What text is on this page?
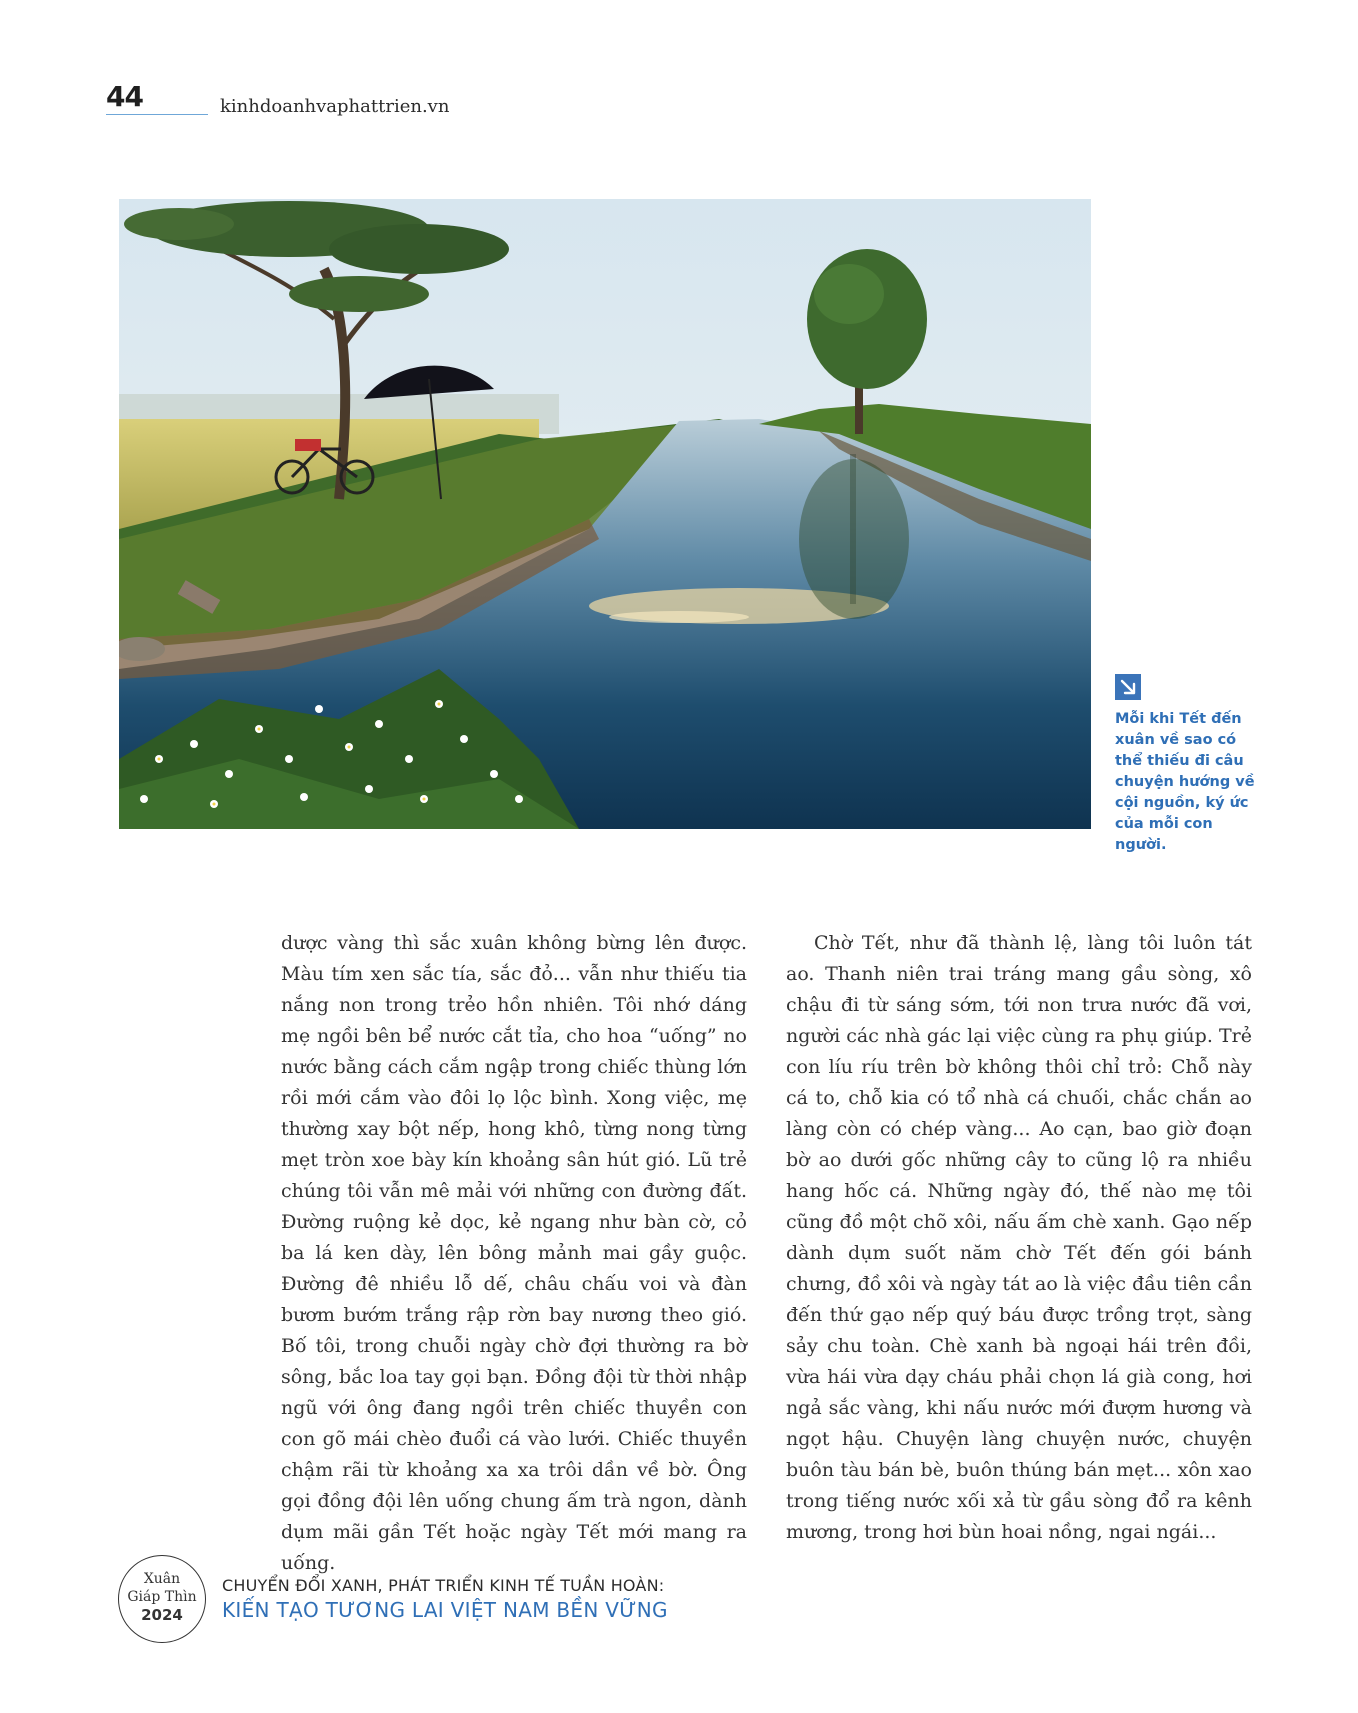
44	kinhdoanhvaphattrien.vn
Mỗi khi Tết đến xuân về sao có thể thiếu đi câu chuyện hướng về cội nguồn, ký ức của mỗi con người.

dược vàng thì sắc xuân không bừng lên được. Màu tím xen sắc tía, sắc đỏ... vẫn như thiếu tia nắng non trong trẻo hồn nhiên. Tôi nhớ dáng mẹ ngồi bên bể nước cắt tỉa, cho hoa “uống” no nước bằng cách cắm ngập trong chiếc thùng lớn rồi mới cắm vào đôi lọ lộc bình. Xong việc, mẹ thường xay bột nếp, hong khô, từng nong từng mẹt tròn xoe bày kín khoảng sân hút gió. Lũ trẻ chúng tôi vẫn mê mải với những con đường đất. Đường ruộng kẻ dọc, kẻ ngang như bàn cờ, cỏ ba lá ken dày, lên bông mảnh mai gầy guộc. Đường đê nhiều lỗ dế, châu chấu voi và đàn bươm bướm trắng rập rờn bay nương theo gió. Bố tôi, trong chuỗi ngày chờ đợi thường ra bờ sông, bắc loa tay gọi bạn. Đồng đội từ thời nhập ngũ với ông đang ngồi trên chiếc thuyền con con gõ mái chèo đuổi cá vào lưới. Chiếc thuyền chậm rãi từ khoảng xa xa trôi dần về bờ. Ông gọi đồng đội lên uống chung ấm trà ngon, dành dụm mãi gần Tết hoặc ngày Tết mới mang ra uống.

Chờ Tết, như đã thành lệ, làng tôi luôn tát ao. Thanh niên trai tráng mang gầu sòng, xô chậu đi từ sáng sớm, tới non trưa nước đã vơi, người các nhà gác lại việc cùng ra phụ giúp. Trẻ con líu ríu trên bờ không thôi chỉ trỏ: Chỗ này cá to, chỗ kia có tổ nhà cá chuối, chắc chắn ao làng còn có chép vàng... Ao cạn, bao giờ đoạn bờ ao dưới gốc những cây to cũng lộ ra nhiều hang hốc cá. Những ngày đó, thế nào mẹ tôi cũng đồ một chõ xôi, nấu ấm chè xanh. Gạo nếp dành dụm suốt năm chờ Tết đến gói bánh chưng, đồ xôi và ngày tát ao là việc đầu tiên cần đến thứ gạo nếp quý báu được trồng trọt, sàng sảy chu toàn. Chè xanh bà ngoại hái trên đồi, vừa hái vừa dạy cháu phải chọn lá già cong, hơi ngả sắc vàng, khi nấu nước mới đượm hương và ngọt hậu. Chuyện làng chuyện nước, chuyện buôn tàu bán bè, buôn thúng bán mẹt... xôn xao trong tiếng nước xối xả từ gầu sòng đổ ra kênh mương, trong hơi bùn hoai nồng, ngai ngái...

Xuân
Giáp Thìn
2024
CHUYỂN ĐỔI XANH, PHÁT TRIỂN KINH TẾ TUẦN HOÀN:
KIẾN TẠO TƯƠNG LAI VIỆT NAM BỀN VỮNG
